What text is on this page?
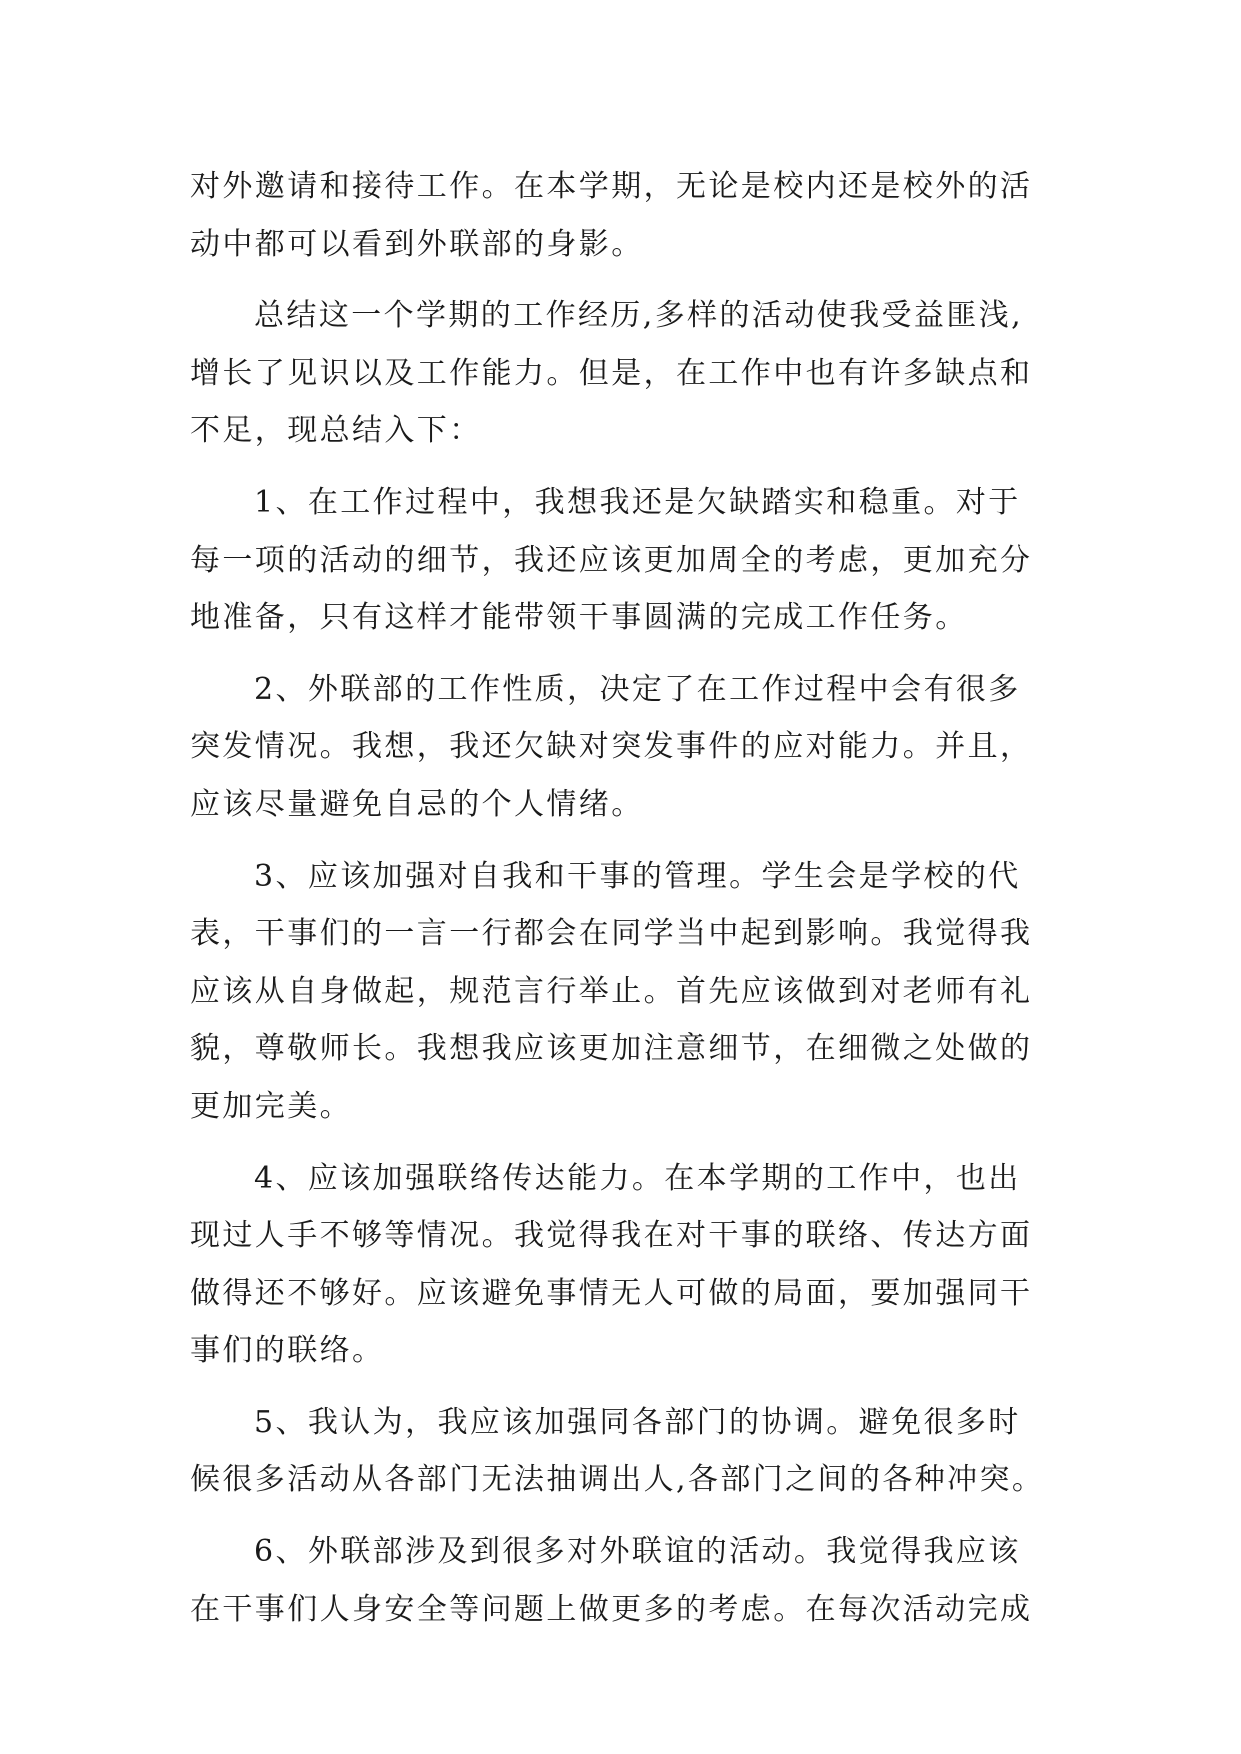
对外邀请和接待工作。在本学期，无论是校内还是校外的活
动中都可以看到外联部的身影。
总结这一个学期的工作经历,多样的活动使我受益匪浅,
增长了见识以及工作能力。但是，在工作中也有许多缺点和
不足，现总结入下：
1、在工作过程中，我想我还是欠缺踏实和稳重。对于
每一项的活动的细节，我还应该更加周全的考虑，更加充分
地准备，只有这样才能带领干事圆满的完成工作任务。
2、外联部的工作性质，决定了在工作过程中会有很多
突发情况。我想，我还欠缺对突发事件的应对能力。并且，
应该尽量避免自忌的个人情绪。
3、应该加强对自我和干事的管理。学生会是学校的代
表，干事们的一言一行都会在同学当中起到影响。我觉得我
应该从自身做起，规范言行举止。首先应该做到对老师有礼
貌，尊敬师长。我想我应该更加注意细节，在细微之处做的
更加完美。
4、应该加强联络传达能力。在本学期的工作中，也出
现过人手不够等情况。我觉得我在对干事的联络、传达方面
做得还不够好。应该避免事情无人可做的局面，要加强同干
事们的联络。
5、我认为，我应该加强同各部门的协调。避免很多时
候很多活动从各部门无法抽调出人,各部门之间的各种冲突。
6、外联部涉及到很多对外联谊的活动。我觉得我应该
在干事们人身安全等问题上做更多的考虑。在每次活动完成
